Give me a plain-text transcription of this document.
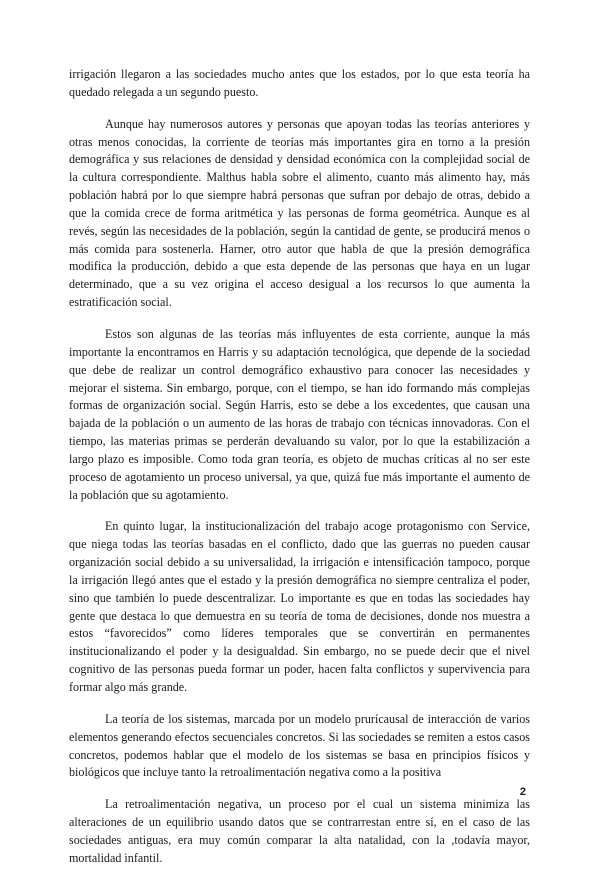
irrigación llegaron a las sociedades mucho antes que los estados, por lo que esta teoría ha quedado relegada a un segundo puesto.

Aunque hay numerosos autores y personas que apoyan todas las teorías anteriores y otras menos conocidas, la corriente de teorías más importantes gira en torno a la presión demográfica y sus relaciones de densidad y densidad económica con la complejidad social de la cultura correspondiente. Malthus habla sobre el alimento, cuanto más alimento hay, más población habrá por lo que siempre habrá personas que sufran por debajo de otras, debido a que la comida crece de forma aritmética y las personas de forma geométrica. Aunque es al revés, según las necesidades de la población, según la cantidad de gente, se producirá menos o más comida para sostenerla. Harner, otro autor que habla de que la presión demográfica modifica la producción, debido a que esta depende de las personas que haya en un lugar determinado, que a su vez origina el acceso desigual a los recursos lo que aumenta la estratificación social.

Estos son algunas de las teorías más influyentes de esta corriente, aunque la más importante la encontramos en Harris y su adaptación tecnológica, que depende de la sociedad que debe de realizar un control demográfico exhaustivo para conocer las necesidades y mejorar el sistema. Sin embargo, porque, con el tiempo, se han ido formando más complejas formas de organización social. Según Harris, esto se debe a los excedentes, que causan una bajada de la población o un aumento de las horas de trabajo con técnicas innovadoras. Con el tiempo, las materias primas se perderán devaluando su valor, por lo que la estabilización a largo plazo es imposible. Como toda gran teoría, es objeto de muchas críticas al no ser este proceso de agotamiento un proceso universal, ya que, quizá fue más importante el aumento de la población que su agotamiento.

En quinto lugar, la institucionalización del trabajo acoge protagonismo con Service, que niega todas las teorías basadas en el conflicto, dado que las guerras no pueden causar organización social debido a su universalidad, la irrigación e intensificación tampoco, porque la irrigación llegó antes que el estado y la presión demográfica no siempre centraliza el poder, sino que también lo puede descentralizar. Lo importante es que en todas las sociedades hay gente que destaca lo que demuestra en su teoría de toma de decisiones, donde nos muestra a estos “favorecidos” como líderes temporales que se convertirán en permanentes institucionalizando el poder y la desigualdad. Sin embargo, no se puede decir que el nivel cognitivo de las personas pueda formar un poder, hacen falta conflictos y supervivencia para formar algo más grande.

La teoría de los sistemas, marcada por un modelo prurícausal de interacción de varios elementos generando efectos secuenciales concretos. Si las sociedades se remiten a estos casos concretos, podemos hablar que el modelo de los sistemas se basa en principios físicos y biológicos que incluye tanto la retroalimentación negativa como a la positiva

La retroalimentación negativa, un proceso por el cual un sistema minimiza las alteraciones de un equilibrio usando datos que se contrarrestan entre sí, en el caso de las sociedades antiguas, era muy común comparar la alta natalidad, con la ,todavía mayor, mortalidad infantil.

2
